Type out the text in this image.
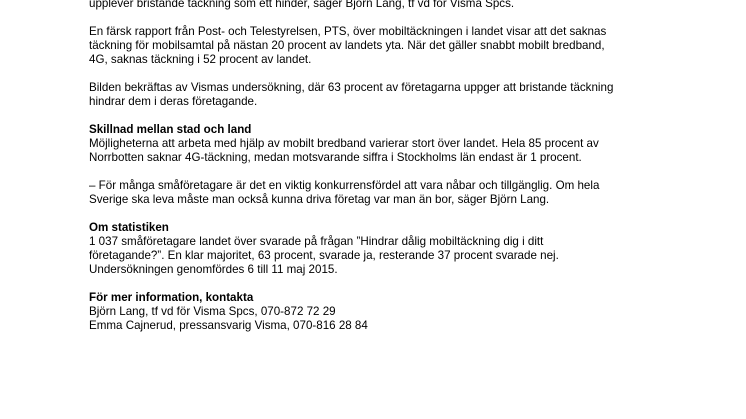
upplever bristande täckning som ett hinder, säger Björn Lang, tf vd för Visma Spcs.

En färsk rapport från Post- och Telestyrelsen, PTS, över mobiltäckningen i landet visar att det saknas
täckning för mobilsamtal på nästan 20 procent av landets yta. När det gäller snabbt mobilt bredband,
4G, saknas täckning i 52 procent av landet.

Bilden bekräftas av Vismas undersökning, där 63 procent av företagarna uppger att bristande täckning
hindrar dem i deras företagande.

Skillnad mellan stad och land

Möjligheterna att arbeta med hjälp av mobilt bredband varierar stort över landet. Hela 85 procent av
Norrbotten saknar 4G-täckning, medan motsvarande siffra i Stockholms län endast är 1 procent.

– För många småföretagare är det en viktig konkurrensfördel att vara nåbar och tillgänglig. Om hela
Sverige ska leva måste man också kunna driva företag var man än bor, säger Björn Lang.

Om statistiken

1 037 småföretagare landet över svarade på frågan ”Hindrar dålig mobiltäckning dig i ditt
företagande?”. En klar majoritet, 63 procent, svarade ja, resterande 37 procent svarade nej.
Undersökningen genomfördes 6 till 11 maj 2015.

För mer information, kontakta
Björn Lang, tf vd för Visma Spcs, 070-872 72 29
Emma Cajnerud, pressansvarig Visma, 070-816 28 84
